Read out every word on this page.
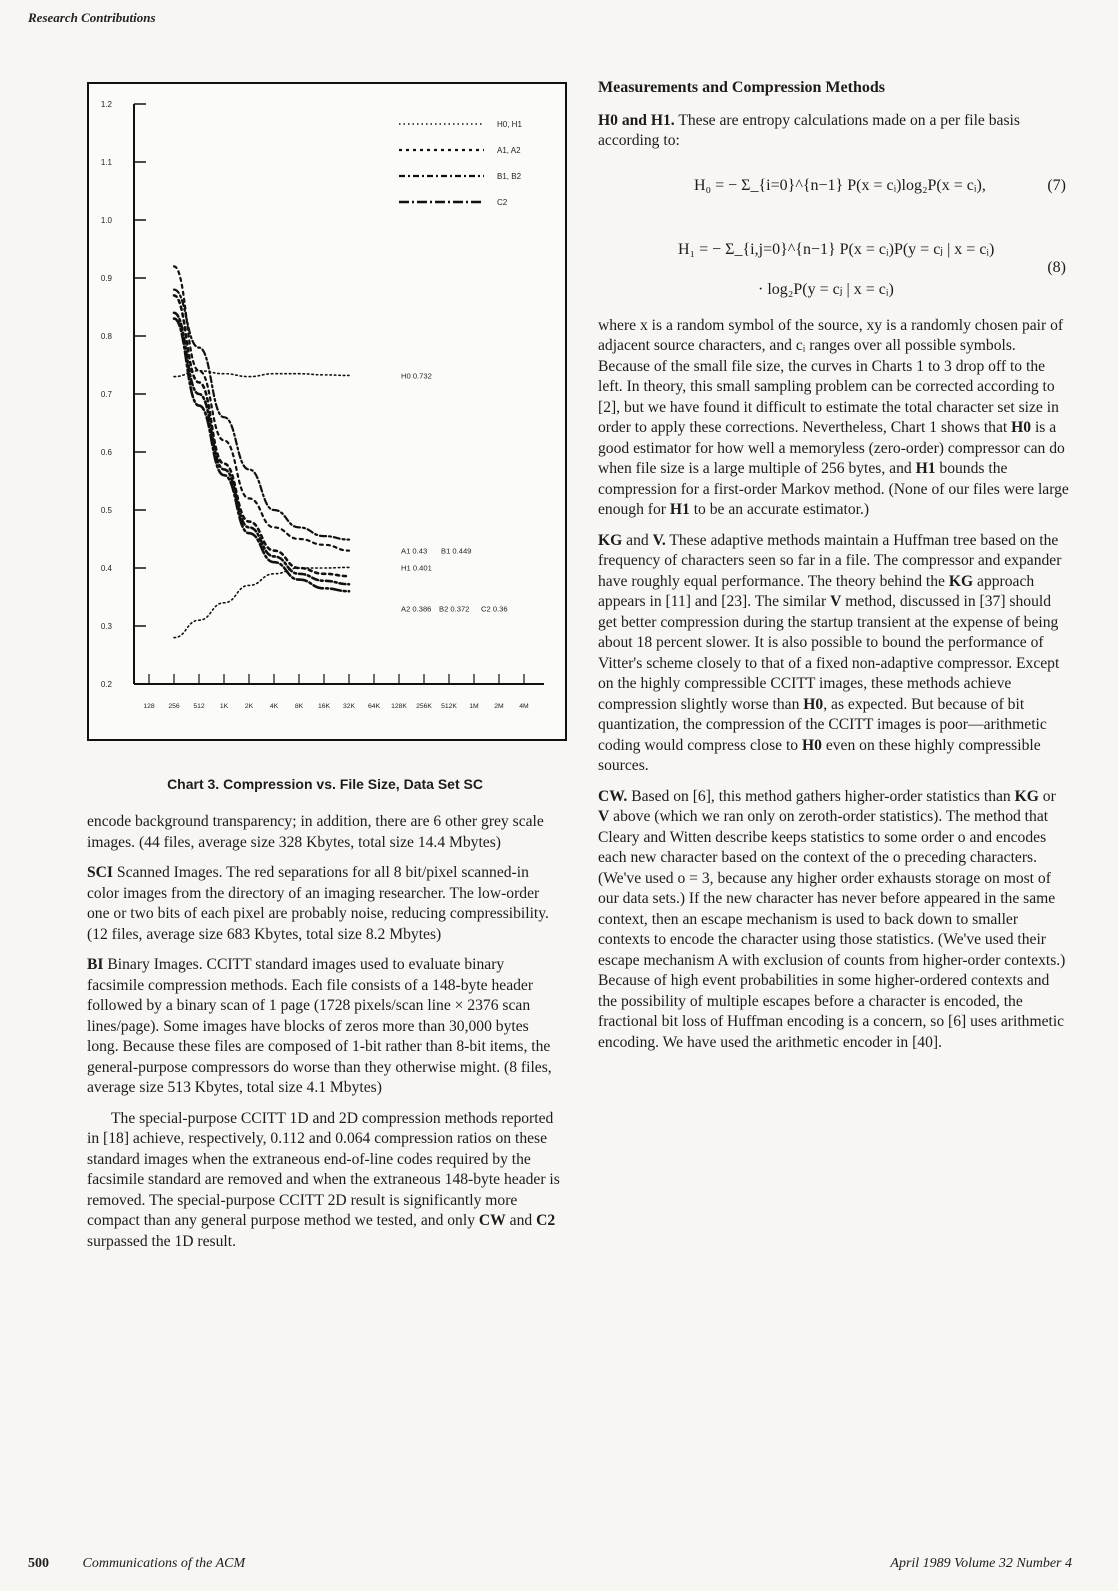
Research Contributions
0.2
0.3
0.4
0.5
0.6
0.7
0.8
0.9
1.0
1.1
1.2
128 256 512 1K 2K 4K 8K 16K 32K 64K 128K 256K 512K 1M 2M 4M
H0, H1
A1, A2
B1, B2
C2
H0 0.732
H1 0.401
A1 0.43 B1 0.449
A2 0.386 B2 0.372 C2 0.36
Chart 3. Compression vs. File Size, Data Set SC

encode background transparency; in addition, there are 6 other grey scale images. (44 files, average size 328 Kbytes, total size 14.4 Mbytes)

SCI Scanned Images. The red separations for all 8 bit/pixel scanned-in color images from the directory of an imaging researcher. The low-order one or two bits of each pixel are probably noise, reducing compressibility. (12 files, average size 683 Kbytes, total size 8.2 Mbytes)

BI Binary Images. CCITT standard images used to evaluate binary facsimile compression methods. Each file consists of a 148-byte header followed by a binary scan of 1 page (1728 pixels/scan line × 2376 scan lines/page). Some images have blocks of zeros more than 30,000 bytes long. Because these files are composed of 1-bit rather than 8-bit items, the general-purpose compressors do worse than they otherwise might. (8 files, average size 513 Kbytes, total size 4.1 Mbytes)

The special-purpose CCITT 1D and 2D compression methods reported in [18] achieve, respectively, 0.112 and 0.064 compression ratios on these standard images when the extraneous end-of-line codes required by the facsimile standard are removed and when the extraneous 148-byte header is removed. The special-purpose CCITT 2D result is significantly more compact than any general purpose method we tested, and only CW and C2 surpassed the 1D result.

Measurements and Compression Methods

H0 and H1. These are entropy calculations made on a per file basis according to:

H₀ = − Σ_{i=0}^{n−1} P(x = cᵢ)log₂P(x = cᵢ),	(7)
H₁ = − Σ_{i,j=0}^{n−1} P(x = cᵢ)P(y = cⱼ | x = cᵢ)
(8)
· log₂P(y = cⱼ | x = cᵢ)

where x is a random symbol of the source, xy is a randomly chosen pair of adjacent source characters, and cᵢ ranges over all possible symbols. Because of the small file size, the curves in Charts 1 to 3 drop off to the left. In theory, this small sampling problem can be corrected according to [2], but we have found it difficult to estimate the total character set size in order to apply these corrections. Nevertheless, Chart 1 shows that H0 is a good estimator for how well a memoryless (zero-order) compressor can do when file size is a large multiple of 256 bytes, and H1 bounds the compression for a first-order Markov method. (None of our files were large enough for H1 to be an accurate estimator.)

KG and V. These adaptive methods maintain a Huffman tree based on the frequency of characters seen so far in a file. The compressor and expander have roughly equal performance. The theory behind the KG approach appears in [11] and [23]. The similar V method, discussed in [37] should get better compression during the startup transient at the expense of being about 18 percent slower. It is also possible to bound the performance of Vitter's scheme closely to that of a fixed non-adaptive compressor. Except on the highly compressible CCITT images, these methods achieve compression slightly worse than H0, as expected. But because of bit quantization, the compression of the CCITT images is poor—arithmetic coding would compress close to H0 even on these highly compressible sources.

CW. Based on [6], this method gathers higher-order statistics than KG or V above (which we ran only on zeroth-order statistics). The method that Cleary and Witten describe keeps statistics to some order o and encodes each new character based on the context of the o preceding characters. (We've used o = 3, because any higher order exhausts storage on most of our data sets.) If the new character has never before appeared in the same context, then an escape mechanism is used to back down to smaller contexts to encode the character using those statistics. (We've used their escape mechanism A with exclusion of counts from higher-order contexts.) Because of high event probabilities in some higher-ordered contexts and the possibility of multiple escapes before a character is encoded, the fractional bit loss of Huffman encoding is a concern, so [6] uses arithmetic encoding. We have used the arithmetic encoder in [40].

500 Communications of the ACM	April 1989 Volume 32 Number 4
